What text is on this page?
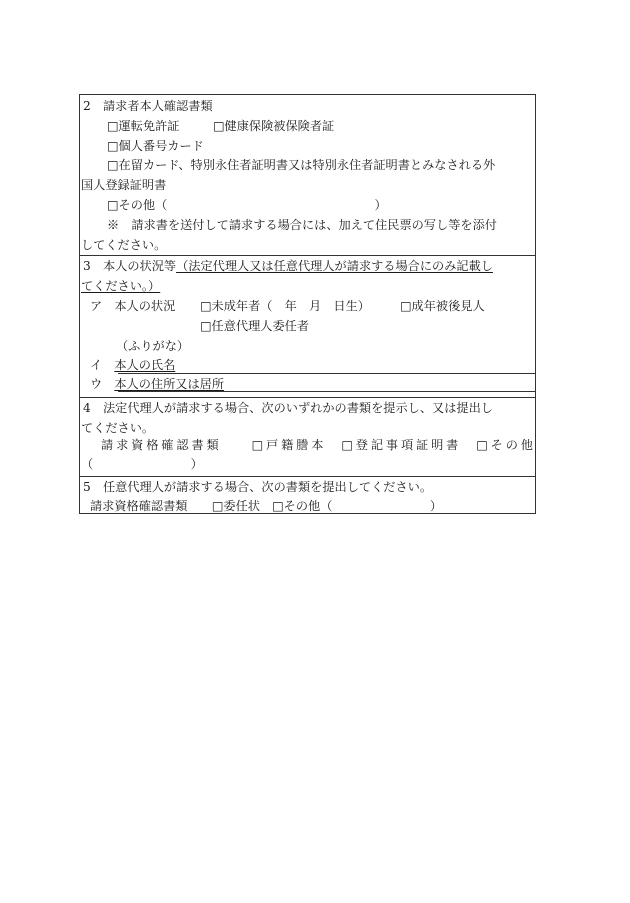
2　請求者本人確認書類
□運転免許証	□健康保険被保険者証
□個人番号カード
□在留カード、特別永住者証明書又は特別永住者証明書とみなされる外
国人登録証明書
□その他（　　　　　　　　　　　　　　　　　）
※　請求書を送付して請求する場合には、加えて住民票の写し等を添付
してください。
3　本人の状況等（法定代理人又は任意代理人が請求する場合にのみ記載し
てください。）
ア　本人の状況 □未成年者（　年　月　日生） □成年被後見人
□任意代理人委任者
（ふりがな）
イ　本人の氏名
ウ　本人の住所又は居所
4　法定代理人が請求する場合、次のいずれかの書類を提示し、又は提出し
てください。
請求資格確認書類　　□戸籍謄本　□登記事項証明書　□その他
（　　　　　　　　）
5　任意代理人が請求する場合、次の書類を提出してください。
請求資格確認書類　　□委任状　□その他（　　　　　　　　）
